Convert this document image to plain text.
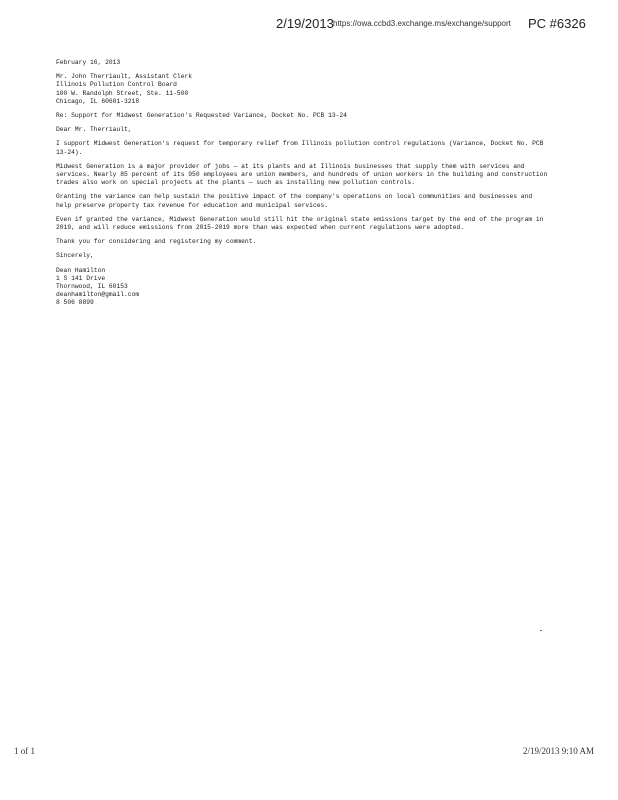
2/19/2013 https://owa.ccbd3.exchange.ms/exchange/support	PC #6326

February 16, 2013

Mr. John Therriault, Assistant Clerk
Illinois Pollution Control Board
100 W. Randolph Street, Ste. 11-500
Chicago, IL 60601-3218

Re: Support for Midwest Generation's Requested Variance, Docket No. PCB 13-24

Dear Mr. Therriault,

I support Midwest Generation's request for temporary relief from Illinois pollution control regulations (Variance, Docket No. PCB 13-24).

Midwest Generation is a major provider of jobs — at its plants and at Illinois businesses that supply them with services and services. Nearly 85 percent of its 950 employees are union members, and hundreds of union workers in the building and construction trades also work on special projects at the plants — such as installing new pollution controls.

Granting the variance can help sustain the positive impact of the company's operations on local communities and businesses and help preserve property tax revenue for education and municipal services.

Even if granted the variance, Midwest Generation would still hit the original state emissions target by the end of the program in 2019, and will reduce emissions from 2015-2019 more than was expected when current regulations were adopted.

Thank you for considering and registering my comment.

Sincerely,

Dean Hamilton
1 S 141 Drive
Thornwood, IL 60153
deanhamilton@gmail.com
8 506 8899

1 of 1	2/19/2013 9:10 AM
